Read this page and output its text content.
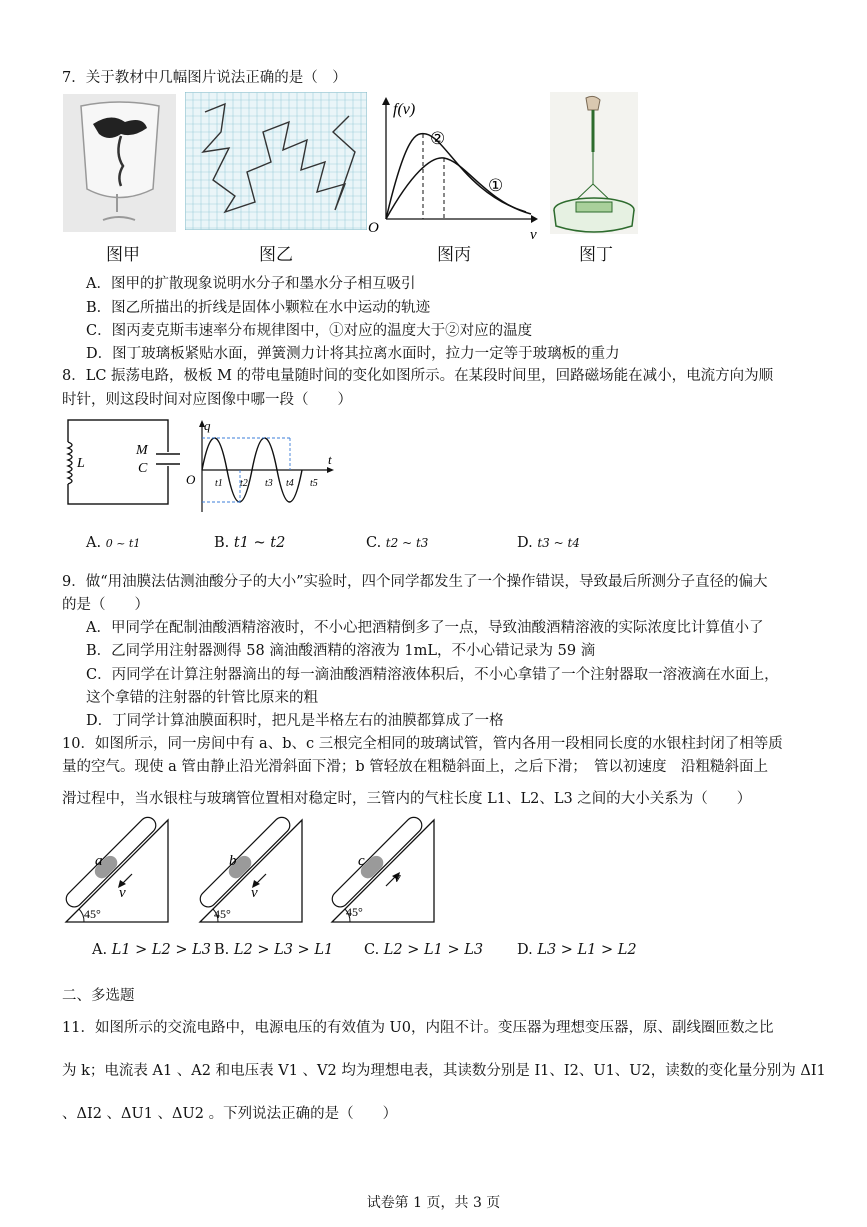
7．关于教材中几幅图片说法正确的是（　）
f(v)
②
①
O	v
图甲	图乙	图丙	图丁
A．图甲的扩散现象说明水分子和墨水分子相互吸引
B．图乙所描出的折线是固体小颗粒在水中运动的轨迹
C．图丙麦克斯韦速率分布规律图中，①对应的温度大于②对应的温度
D．图丁玻璃板紧贴水面，弹簧测力计将其拉离水面时，拉力一定等于玻璃板的重力
8．LC 振荡电路，极板 M 的带电量随时间的变化如图所示。在某段时间里，回路磁场能在减小，电流方向为顺
时针，则这段时间对应图像中哪一段（　　）
L
M
C
q
t
O t1 t2 t3 t4 t5
A. 0 ~ t1	B. t1 ~ t2	C. t2 ~ t3	D. t3 ~ t4
9．做“用油膜法估测油酸分子的大小”实验时，四个同学都发生了一个操作错误，导致最后所测分子直径的偏大
的是（　　）
A．甲同学在配制油酸酒精溶液时，不小心把酒精倒多了一点，导致油酸酒精溶液的实际浓度比计算值小了
B．乙同学用注射器测得 58 滴油酸酒精的溶液为 1mL，不小心错记录为 59 滴
C．丙同学在计算注射器滴出的每一滴油酸酒精溶液体积后，不小心拿错了一个注射器取一溶液滴在水面上，
这个拿错的注射器的针管比原来的粗
D．丁同学计算油膜面积时，把凡是半格左右的油膜都算成了一格
10．如图所示，同一房间中有 a、b、c 三根完全相同的玻璃试管，管内各用一段相同长度的水银柱封闭了相等质
量的空气。现使 a 管由静止沿光滑斜面下滑；b 管轻放在粗糙斜面上，之后下滑；　管以初速度　沿粗糙斜面上
滑过程中，当水银柱与玻璃管位置相对稳定时，三管内的气柱长度 L1、L2、L3 之间的大小关系为（　　）
a
v
45°
b
v
45°
c
v
45°
A. L1 > L2 > L3 B. L2 > L3 > L1 C. L2 > L1 > L3 D. L3 > L1 > L2
二、多选题
11．如图所示的交流电路中，电源电压的有效值为 U0，内阻不计。变压器为理想变压器，原、副线圈匝数之比
为 k；电流表 A1 、A2 和电压表 V1 、V2 均为理想电表，其读数分别是 I1、I2、U1、U2，读数的变化量分别为 ΔI1
、ΔI2 、ΔU1 、ΔU2 。下列说法正确的是（　　）
试卷第 1 页，共 3 页
